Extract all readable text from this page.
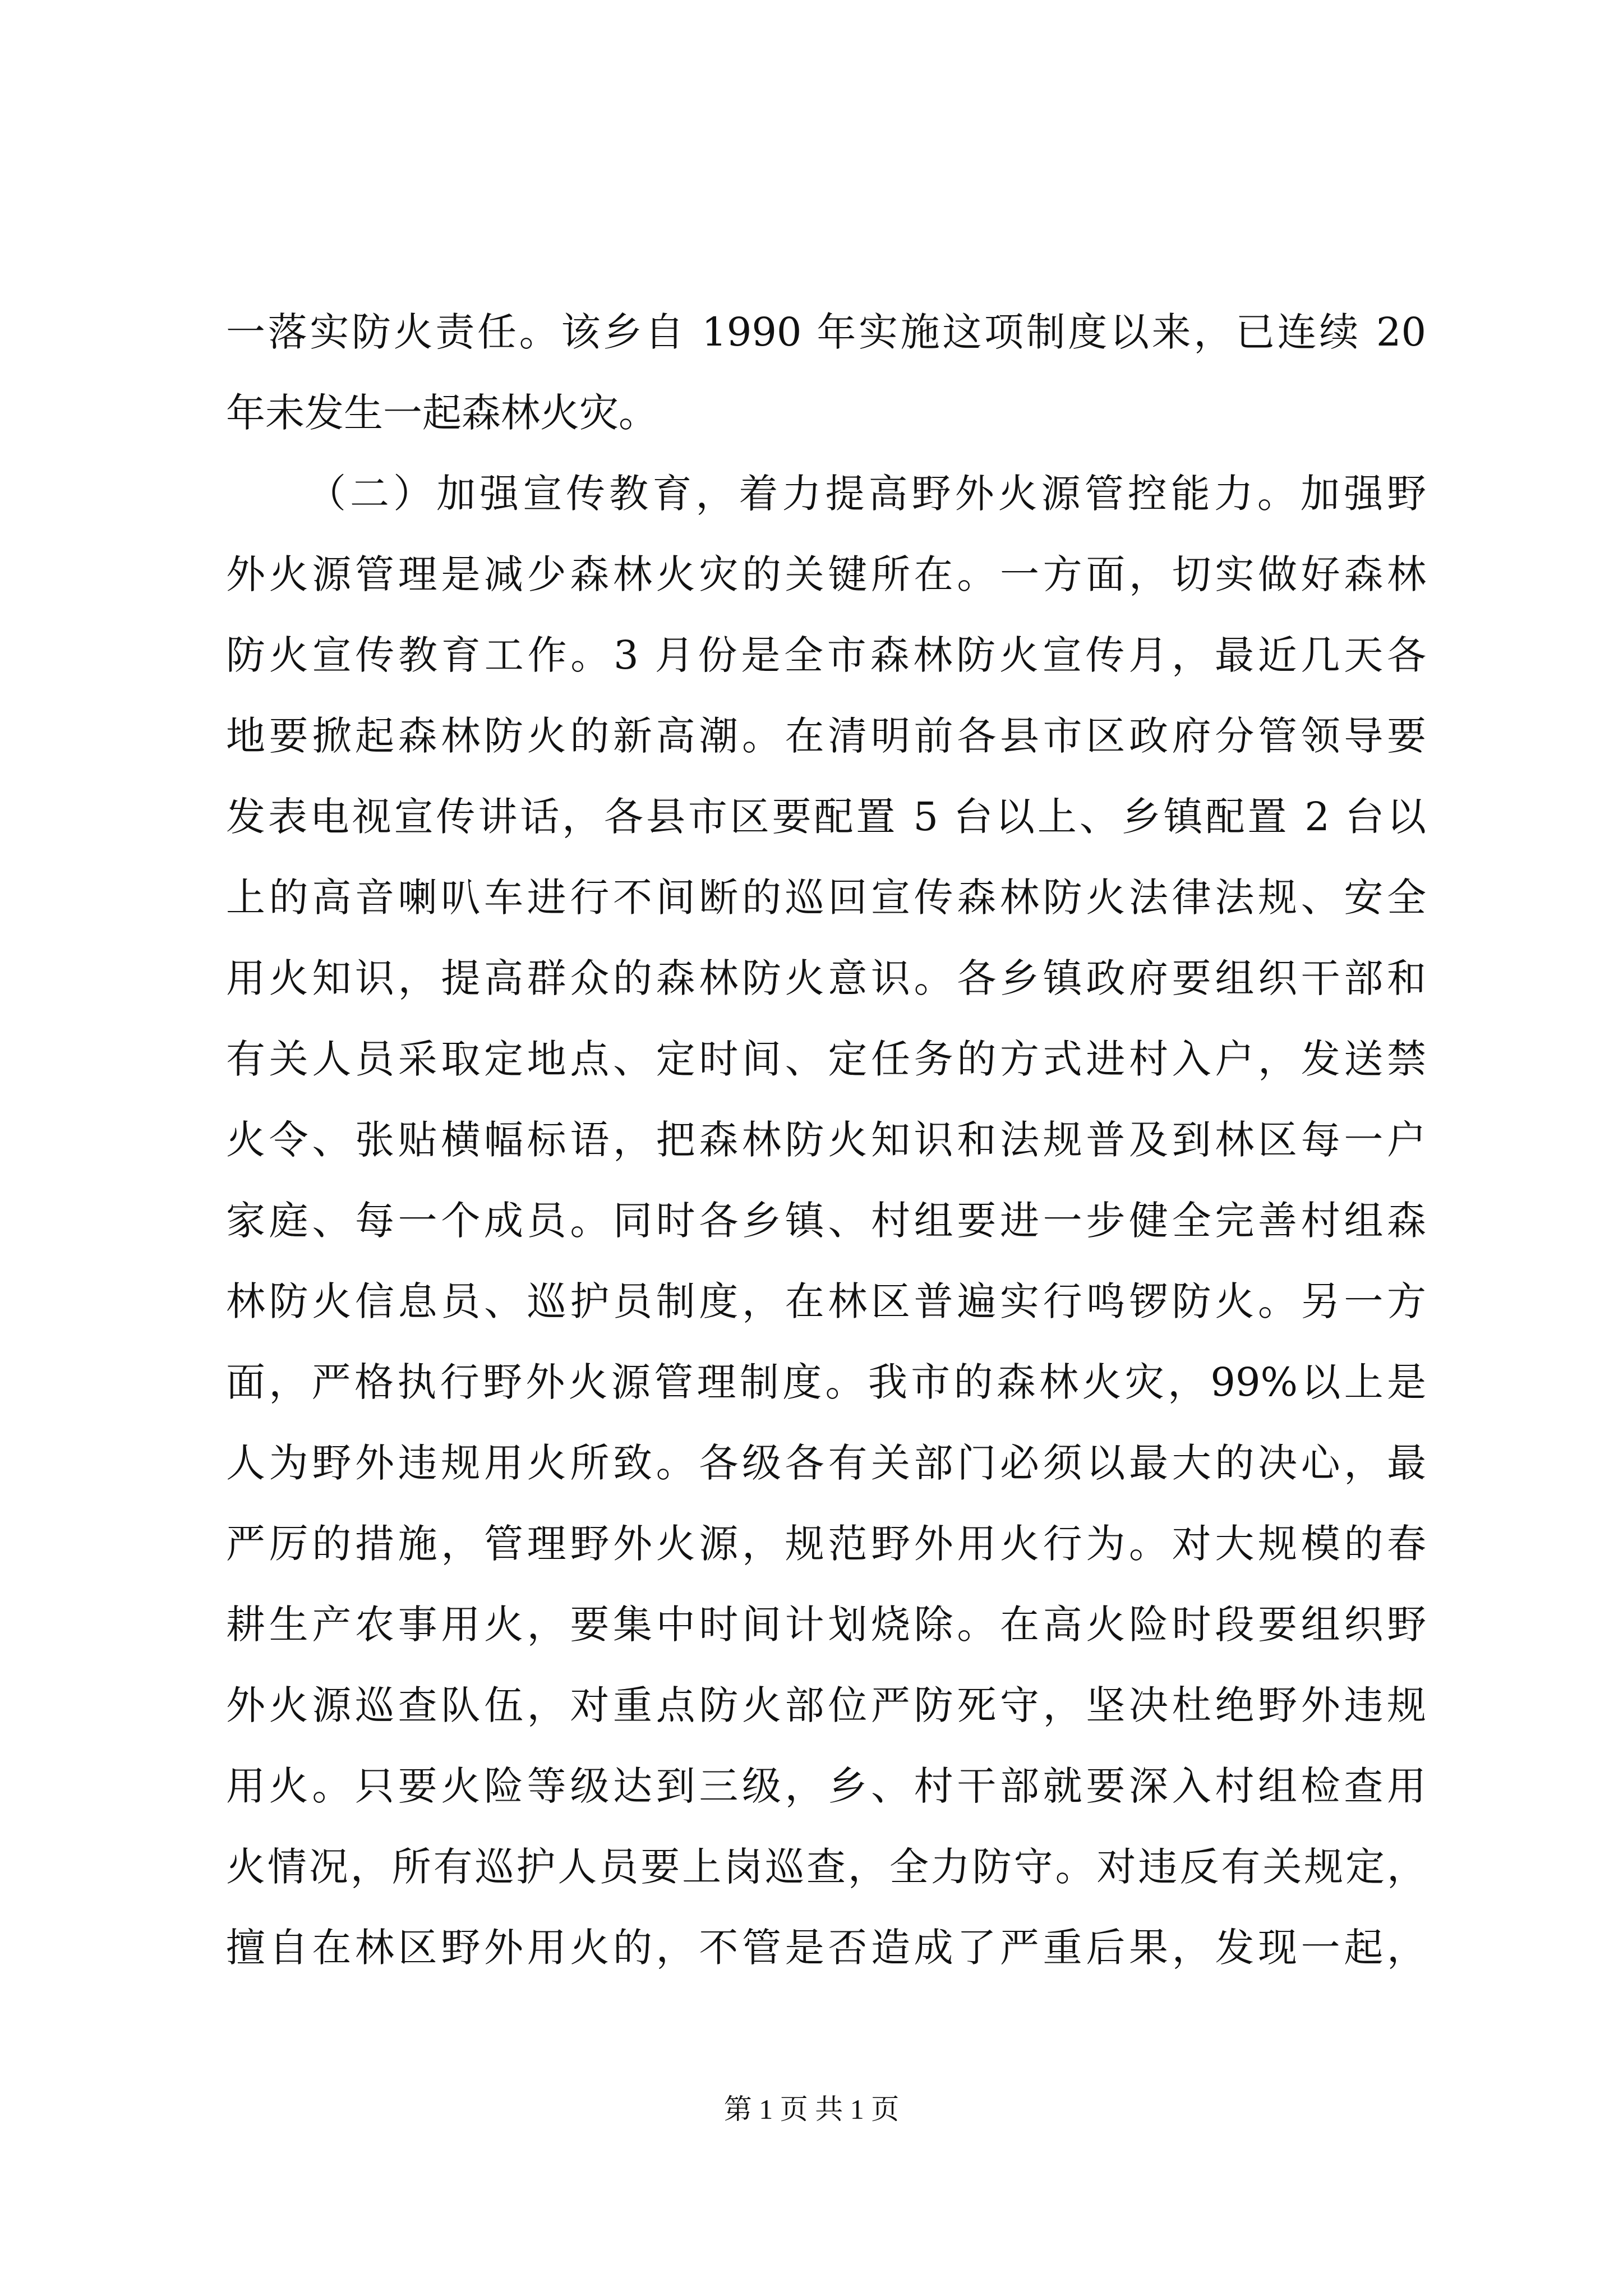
一落实防火责任。该乡自 1990 年实施这项制度以来，已连续 20
年未发生一起森林火灾。
（二）加强宣传教育，着力提高野外火源管控能力。加强野
外火源管理是减少森林火灾的关键所在。一方面，切实做好森林
防火宣传教育工作。3 月份是全市森林防火宣传月，最近几天各
地要掀起森林防火的新高潮。在清明前各县市区政府分管领导要
发表电视宣传讲话，各县市区要配置 5 台以上、乡镇配置 2 台以
上的高音喇叭车进行不间断的巡回宣传森林防火法律法规、安全
用火知识，提高群众的森林防火意识。各乡镇政府要组织干部和
有关人员采取定地点、定时间、定任务的方式进村入户，发送禁
火令、张贴横幅标语，把森林防火知识和法规普及到林区每一户
家庭、每一个成员。同时各乡镇、村组要进一步健全完善村组森
林防火信息员、巡护员制度，在林区普遍实行鸣锣防火。另一方
面，严格执行野外火源管理制度。我市的森林火灾，99%以上是
人为野外违规用火所致。各级各有关部门必须以最大的决心，最
严厉的措施，管理野外火源，规范野外用火行为。对大规模的春
耕生产农事用火，要集中时间计划烧除。在高火险时段要组织野
外火源巡查队伍，对重点防火部位严防死守，坚决杜绝野外违规
用火。只要火险等级达到三级，乡、村干部就要深入村组检查用
火情况，所有巡护人员要上岗巡查，全力防守。对违反有关规定，
擅自在林区野外用火的，不管是否造成了严重后果，发现一起，
第 1 页 共 1 页
